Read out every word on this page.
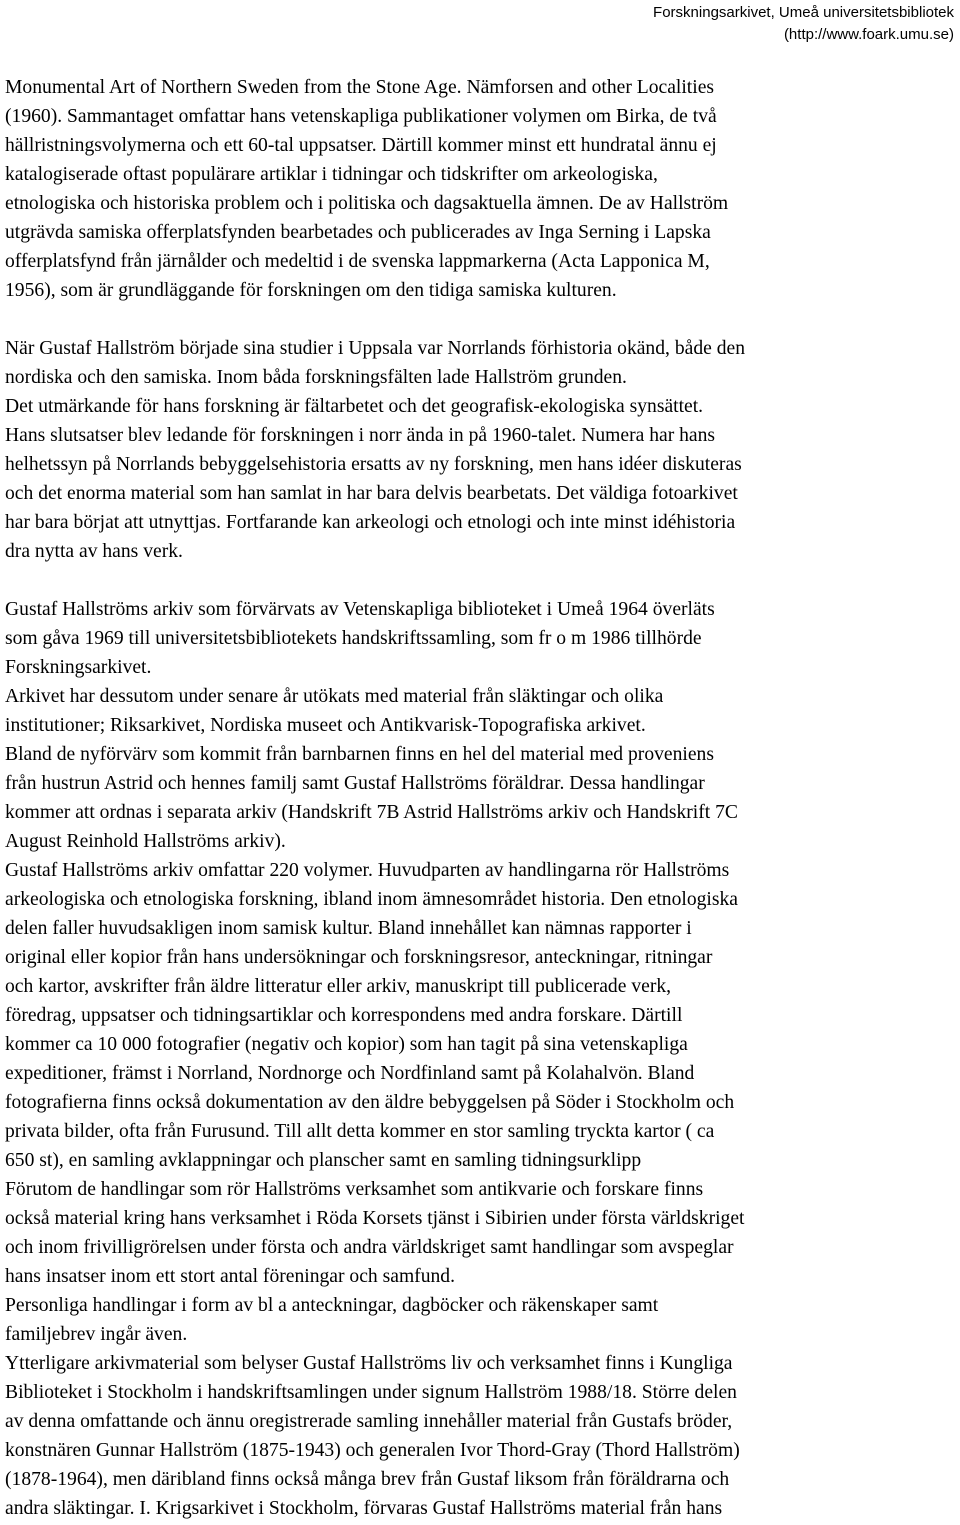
Forskningsarkivet, Umeå universitetsbibliotek
(http://www.foark.umu.se)

Monumental Art of Northern Sweden from the Stone Age. Nämforsen and other Localities

(1960). Sammantaget omfattar hans vetenskapliga publikationer volymen om Birka, de två

hällristningsvolymerna och ett 60-tal uppsatser. Därtill kommer minst ett hundratal ännu ej

katalogiserade oftast populärare artiklar i tidningar och tidskrifter om arkeologiska,

etnologiska och historiska problem och i politiska och dagsaktuella ämnen. De av Hallström

utgrävda samiska offerplatsfynden bearbetades och publicerades av Inga Serning i Lapska

offerplatsfynd från järnålder och medeltid i de svenska lappmarkerna (Acta Lapponica M,

1956), som är grundläggande för forskningen om den tidiga samiska kulturen.

När Gustaf Hallström började sina studier i Uppsala var Norrlands förhistoria okänd, både den

nordiska och den samiska. Inom båda forskningsfälten lade Hallström grunden.

Det utmärkande för hans forskning är fältarbetet och det geografisk-ekologiska synsättet.

Hans slutsatser blev ledande för forskningen i norr ända in på 1960-talet. Numera har hans

helhetssyn på Norrlands bebyggelsehistoria ersatts av ny forskning, men hans idéer diskuteras

och det enorma material som han samlat in har bara delvis bearbetats. Det väldiga fotoarkivet

har bara börjat att utnyttjas. Fortfarande kan arkeologi och etnologi och inte minst idéhistoria

dra nytta av hans verk.

Gustaf Hallströms arkiv som förvärvats av Vetenskapliga biblioteket i Umeå 1964 överläts

som gåva 1969 till universitetsbibliotekets handskriftssamling, som fr o m 1986 tillhörde

Forskningsarkivet.

Arkivet har dessutom under senare år utökats med material från släktingar och olika

institutioner; Riksarkivet, Nordiska museet och Antikvarisk-Topografiska arkivet.

Bland de nyförvärv som kommit från barnbarnen finns en hel del material med proveniens

från hustrun Astrid och hennes familj samt Gustaf Hallströms föräldrar. Dessa handlingar

kommer att ordnas i separata arkiv (Handskrift 7B Astrid Hallströms arkiv och Handskrift 7C

August Reinhold Hallströms arkiv).

Gustaf Hallströms arkiv omfattar 220 volymer. Huvudparten av handlingarna rör Hallströms

arkeologiska och etnologiska forskning, ibland inom ämnesområdet historia. Den etnologiska

delen faller huvudsakligen inom samisk kultur. Bland innehållet kan nämnas rapporter i

original eller kopior från hans undersökningar och forskningsresor, anteckningar, ritningar

och kartor, avskrifter från äldre litteratur eller arkiv, manuskript till publicerade verk,

föredrag, uppsatser och tidningsartiklar och korrespondens med andra forskare. Därtill

kommer ca 10 000 fotografier (negativ och kopior) som han tagit på sina vetenskapliga

expeditioner, främst i Norrland, Nordnorge och Nordfinland samt på Kolahalvön. Bland

fotografierna finns också dokumentation av den äldre bebyggelsen på Söder i Stockholm och

privata bilder, ofta från Furusund. Till allt detta kommer en stor samling tryckta kartor ( ca

650 st), en samling avklappningar och planscher samt en samling tidningsurklipp

Förutom de handlingar som rör Hallströms verksamhet som antikvarie och forskare finns

också material kring hans verksamhet i Röda Korsets tjänst i Sibirien under första världskriget

och inom frivilligrörelsen under första och andra världskriget samt handlingar som avspeglar

hans insatser inom ett stort antal föreningar och samfund.

Personliga handlingar i form av bl a anteckningar, dagböcker och räkenskaper samt

familjebrev ingår även.

Ytterligare arkivmaterial som belyser Gustaf Hallströms liv och verksamhet finns i Kungliga

Biblioteket i Stockholm i handskriftsamlingen under signum Hallström 1988/18. Större delen

av denna omfattande och ännu oregistrerade samling innehåller material från Gustafs bröder,

konstnären Gunnar Hallström (1875-1943) och generalen Ivor Thord-Gray (Thord Hallström)

(1878-1964), men däribland finns också många brev från Gustaf liksom från föräldrarna och

andra släktingar. I. Krigsarkivet i Stockholm, förvaras Gustaf Hallströms material från hans
